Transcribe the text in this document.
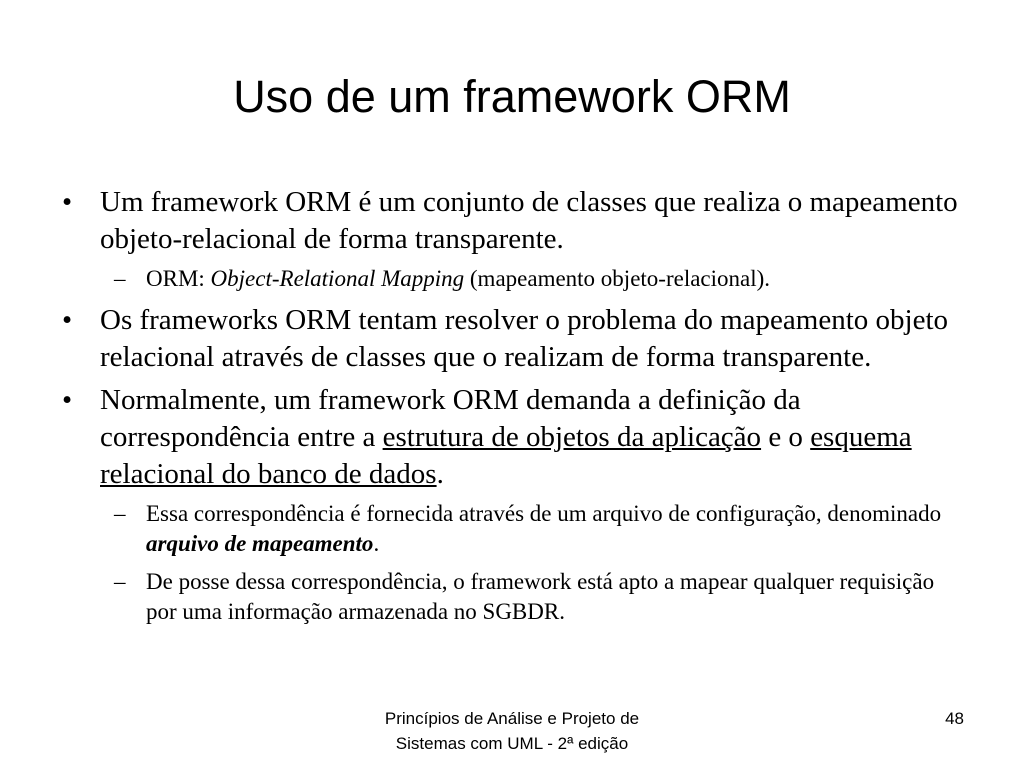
Uso de um framework ORM
• Um framework ORM é um conjunto de classes que realiza o mapeamento objeto-relacional de forma transparente.
– ORM: Object-Relational Mapping (mapeamento objeto-relacional).
• Os frameworks ORM tentam resolver o problema do mapeamento objeto relacional através de classes que o realizam de forma transparente.
• Normalmente, um framework ORM demanda a definição da correspondência entre a estrutura de objetos da aplicação e o esquema relacional do banco de dados.
– Essa correspondência é fornecida através de um arquivo de configuração, denominado arquivo de mapeamento.
– De posse dessa correspondência, o framework está apto a mapear qualquer requisição por uma informação armazenada no SGBDR.
Princípios de Análise e Projeto de
Sistemas com UML - 2ª edição
48
